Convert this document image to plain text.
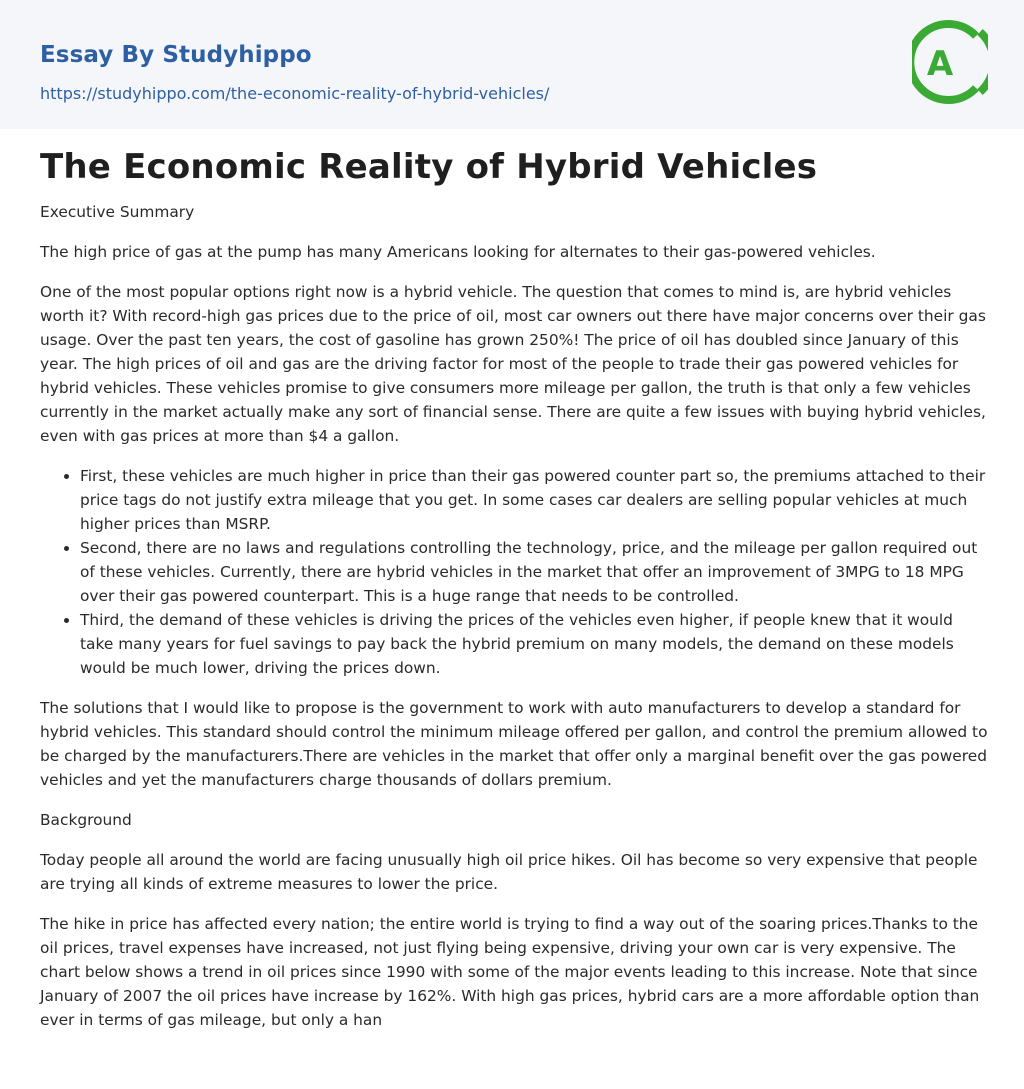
Essay By Studyhippo
https://studyhippo.com/the-economic-reality-of-hybrid-vehicles/
A
The Economic Reality of Hybrid Vehicles

Executive Summary

The high price of gas at the pump has many Americans looking for alternates to their gas-powered vehicles.

One of the most popular options right now is a hybrid vehicle. The question that comes to mind is, are hybrid vehicles worth it? With record-high gas prices due to the price of oil, most car owners out there have major concerns over their gas usage. Over the past ten years, the cost of gasoline has grown 250%! The price of oil has doubled since January of this year. The high prices of oil and gas are the driving factor for most of the people to trade their gas powered vehicles for hybrid vehicles. These vehicles promise to give consumers more mileage per gallon, the truth is that only a few vehicles currently in the market actually make any sort of financial sense. There are quite a few issues with buying hybrid vehicles, even with gas prices at more than $4 a gallon.

• First, these vehicles are much higher in price than their gas powered counter part so, the premiums attached to their price tags do not justify extra mileage that you get. In some cases car dealers are selling popular vehicles at much higher prices than MSRP.
• Second, there are no laws and regulations controlling the technology, price, and the mileage per gallon required out of these vehicles. Currently, there are hybrid vehicles in the market that offer an improvement of 3MPG to 18 MPG over their gas powered counterpart. This is a huge range that needs to be controlled.
• Third, the demand of these vehicles is driving the prices of the vehicles even higher, if people knew that it would take many years for fuel savings to pay back the hybrid premium on many models, the demand on these models would be much lower, driving the prices down.

The solutions that I would like to propose is the government to work with auto manufacturers to develop a standard for hybrid vehicles. This standard should control the minimum mileage offered per gallon, and control the premium allowed to be charged by the manufacturers.There are vehicles in the market that offer only a marginal benefit over the gas powered vehicles and yet the manufacturers charge thousands of dollars premium.

Background

Today people all around the world are facing unusually high oil price hikes. Oil has become so very expensive that people are trying all kinds of extreme measures to lower the price.

The hike in price has affected every nation; the entire world is trying to find a way out of the soaring prices.Thanks to the oil prices, travel expenses have increased, not just flying being expensive, driving your own car is very expensive. The chart below shows a trend in oil prices since 1990 with some of the major events leading to this increase. Note that since January of 2007 the oil prices have increase by 162%. With high gas prices, hybrid cars are a more affordable option than ever in terms of gas mileage, but only a han
